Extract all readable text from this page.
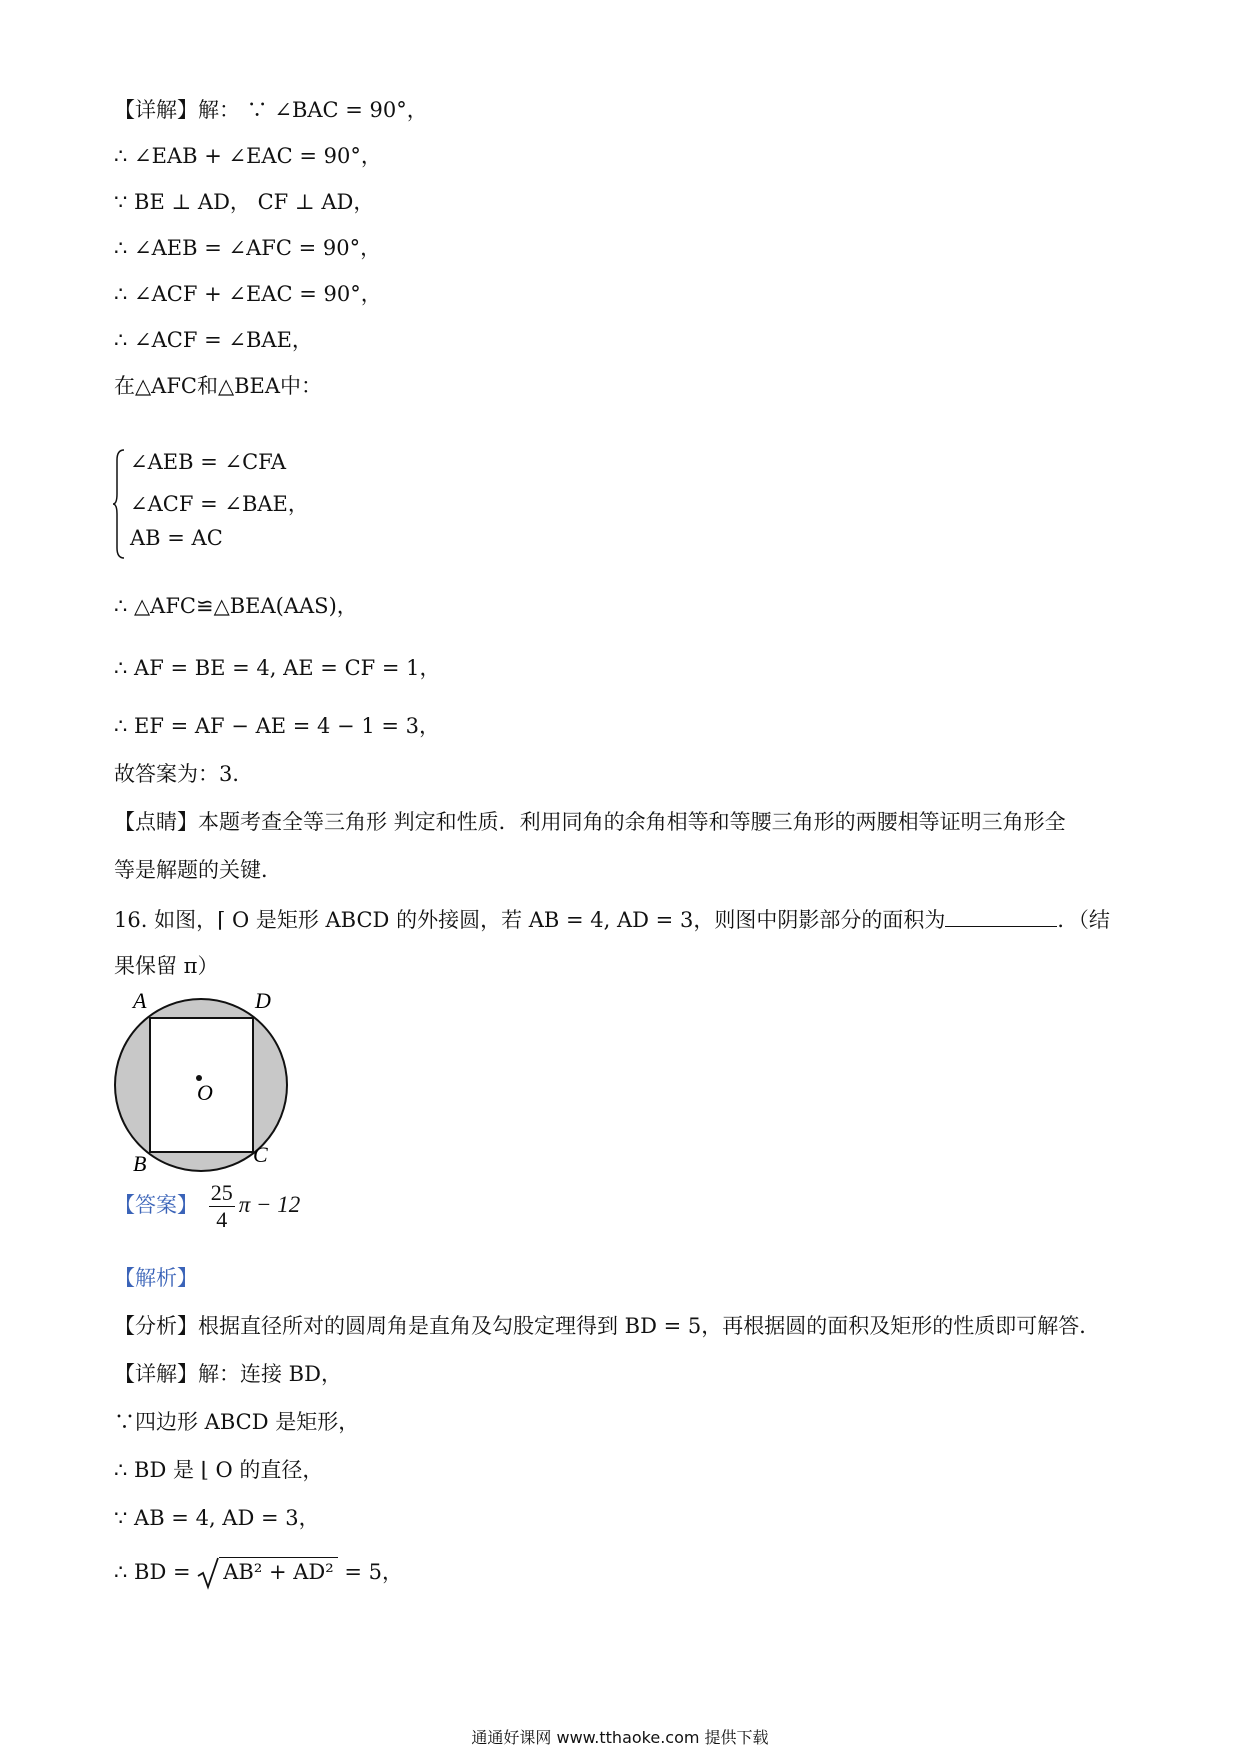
【详解】解： ∵ ∠BAC = 90°，
∴ ∠EAB + ∠EAC = 90°，
∵ BE ⊥ AD， CF ⊥ AD，
∴ ∠AEB = ∠AFC = 90°，
∴ ∠ACF + ∠EAC = 90°，
∴ ∠ACF = ∠BAE，
在△AFC和△BEA中：
∠AEB = ∠CFA
∠ACF = ∠BAE，
AB = AC
∴ △AFC≌△BEA(AAS)，
∴ AF = BE = 4, AE = CF = 1，
∴ EF = AF − AE = 4 − 1 = 3，
故答案为：3．
【点睛】本题考查全等三角形 判定和性质．利用同角的余角相等和等腰三角形的两腰相等证明三角形全
等是解题的关键．
16. 如图，⌈ O 是矩形 ABCD 的外接圆，若 AB = 4, AD = 3，则图中阴影部分的面积为	．（结
果保留 π）
A	D
B	C
O
【答案】 $\frac{25}{4}$ π − 12
【解析】
【分析】根据直径所对的圆周角是直角及勾股定理得到 BD = 5，再根据圆的面积及矩形的性质即可解答．
【详解】解：连接 BD，
∵四边形 ABCD 是矩形，
∴ BD 是 ⌊ O 的直径，
∵ AB = 4, AD = 3，
∴ BD = AB² + AD² = 5，
通通好课网 www.tthaoke.com 提供下载
